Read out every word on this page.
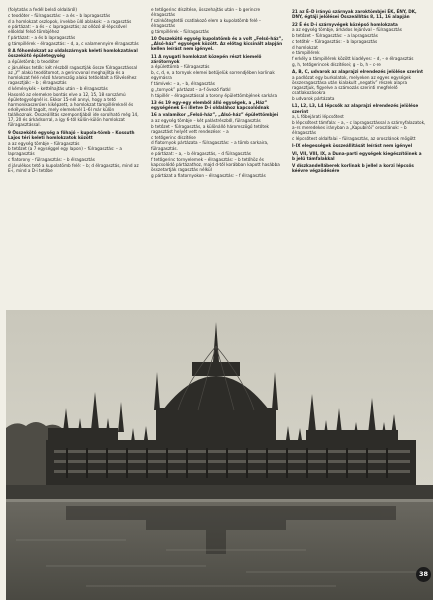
(folytatás a fedél belső oldaláról)

c teodóter – fülragasztás: – a és – b lapragasztás

d a homlokzat oszlopok, írvekbe ülő ablakok: – a ragasztás

e pártázat: – a és – c lapragasztás; az ollózó ál-lépcsővel előoldal felső tömbjéhez

f pártázat: – a és b lapragasztás

g támpillérek – élragasztás: – d, a, c valamennyire élragasztás

8 A főhomlokzat az oldalszárnyak keleti homlokzatával összekötő épületegység

a épületömb; b teodóter

c járulékos tetők: két részből ragasztják össze fülragasztással az „Y” alakú teodótomot, a gerincvonal meghajlítja és a homlokzat felé néző háromszög alakú tetőoldalt a fölvéséhez ragasztják: – b ; élragasztás

d kéménykék – kettéhajtás után – b élragasztás

Hasonló az elemekre bontás elve a 12, 15, 18 sorszámú épületegységnél is. Ekkor 15-nél annyi, hogy a tető harmonikaszerűen kiképzett, a homlokzat támpilléreknél és erkélyeknél tagolt, mely elemeknél 1–6l már külön találkoznak. Összeállítás szempontjából ide sorolható még 14, 17, 20 és árkádsorral, a így 6-től külön-külön homlokzat fülragasztással.

9 Összekötő egység a főhajó – kupola-tömb – Kossuth Lajos téri keleti homlokzatok között

a az egység tömbje – fülragasztás

b tetőzet (a 7 egységgel egy lapon) – fülragasztás: – a lapragasztás

c fiatorony – fülragasztás: – b élragasztás

d járulékos tető a kupolatömb felé: – b; d élragasztás, mind az E-i, mind a D-i tetőbe

e tetőgerinc díszítése, összehajtás után – b gerincre élragasztás

f színkötegtetői csatlakozó elem a kupolatömb felé – élragasztás

g támpillérek – fülragasztás

10 Összekötő egység kupolatömb és a volt „Felső-ház”, „Alsó-ház” egységek között. Az előtag kicsinált alapján kellen leírást nem igényel.

11 A nyugati homlokzat közepén részt kiemelő zárótornyok

a épülettömb – fülragasztás

b, c, d, e, a tornyok elemei betűjelük sorrendjében korlinak egymásra

f támívek: – a, – b, élragasztás

g „tornyok” pártázat – a–f övező fiatkl

h tápillér – élragasztással a torony épülettömbjének sarkára

13 és 19 egy-egy elemből álló egységek, a „Ház” egységének E-i illetve D-i oldalához kapcsolódnak

16 a valamikor „Felső-ház”, „Alsó-ház” épülettömbjei

a az egység tömbje – két palástrészből, fülragasztás

b tetőzet – fülragasztás, a különálló háromszögű tetőtek ragasztást helyét vett rendezése: – a

c tetőgerinc díszítése

d fiatornyok pártázata – fülragasztás: – a tömb sarkaira, fülragasztás.

e pártázat: – a, – b élragasztás, – d fülragasztás

f tetőgerinc tornyelemek – élragasztás: – b tetőhöz és kapcsolódó pártázathoz, majd d-től korábban kapott hasábba összetartják ragasztás nélkül

g pártázat a fiatornyokon – élragasztás: – f élragasztás

21 az É–D irányú szárnyak zaroktömbjei ÉK, ÉNY, DK, DNY, égtáji jelölései Összeállítás 8, 11, 16 alapján

22 É és D-i szárnyvégek középső homlokzata

a az egység tömbje, árkádos lejáróval – fülragasztás

b tetőzet – fülragasztás: – a lapragasztás

c tetőtér – fülragasztás: – b lapragasztás

d homlokzat

e támpillérek

f erkély a támpillérek között kiadéyes: – d, – e élragasztás

g, h, tetőgerincek díszítései; g – b, h – c-re

A, B, C, udvarok az alaprajzi elrendezés jelölése szerint

a padlózat egy burkolatok, melyeken az egyes egységek összeragasztása után kialakult „negatív” részek alapra ragasztjuk, figyelve a számozás szerinti megfelelő csatlakozásokra

b udvarok pártázata

L1, L2, L3, L4 lépcsők az alaprajzi elrendezés jelölése szerint

a, L főbejárati lépcsőtest

b lépcsőtest támfala: – a, – c lapragasztással a szárnyfalazatok, a–rs meredekes irányban a „Kapubírói” oroszlánok: – b élragasztás

c lépcsőtest oldalfalai – fülragasztás, az oroszlánok mögött

I–IX elegességek összeállítását leírást nem igényel

VI, VII, VIII, IX, a Duna-parti egységek kiegészítőinek a b jelű támfalakkal

V díszkandelláberek korlinak b jellel a korzi lépcsős kéévre végzödésére

38
